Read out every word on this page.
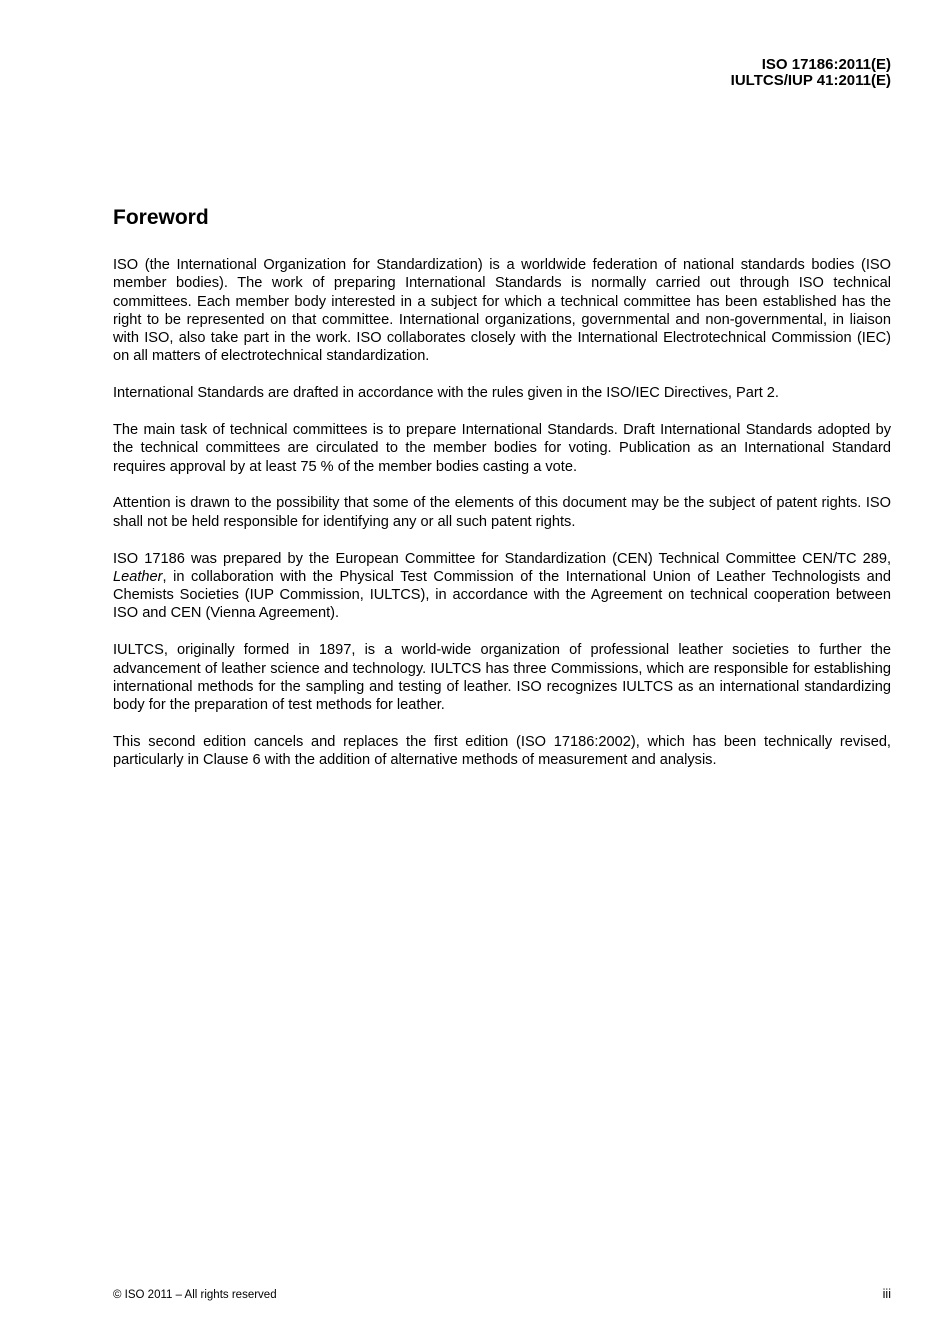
ISO 17186:2011(E)
IULTCS/IUP 41:2011(E)
Foreword

ISO (the International Organization for Standardization) is a worldwide federation of national standards bodies (ISO member bodies). The work of preparing International Standards is normally carried out through ISO technical committees. Each member body interested in a subject for which a technical committee has been established has the right to be represented on that committee. International organizations, governmental and non-governmental, in liaison with ISO, also take part in the work. ISO collaborates closely with the International Electrotechnical Commission (IEC) on all matters of electrotechnical standardization.

International Standards are drafted in accordance with the rules given in the ISO/IEC Directives, Part 2.

The main task of technical committees is to prepare International Standards. Draft International Standards adopted by the technical committees are circulated to the member bodies for voting. Publication as an International Standard requires approval by at least 75 % of the member bodies casting a vote.

Attention is drawn to the possibility that some of the elements of this document may be the subject of patent rights. ISO shall not be held responsible for identifying any or all such patent rights.

ISO 17186 was prepared by the European Committee for Standardization (CEN) Technical Committee CEN/TC 289, Leather, in collaboration with the Physical Test Commission of the International Union of Leather Technologists and Chemists Societies (IUP Commission, IULTCS), in accordance with the Agreement on technical cooperation between ISO and CEN (Vienna Agreement).

IULTCS, originally formed in 1897, is a world-wide organization of professional leather societies to further the advancement of leather science and technology. IULTCS has three Commissions, which are responsible for establishing international methods for the sampling and testing of leather. ISO recognizes IULTCS as an international standardizing body for the preparation of test methods for leather.

This second edition cancels and replaces the first edition (ISO 17186:2002), which has been technically revised, particularly in Clause 6 with the addition of alternative methods of measurement and analysis.

© ISO 2011 – All rights reserved	iii
